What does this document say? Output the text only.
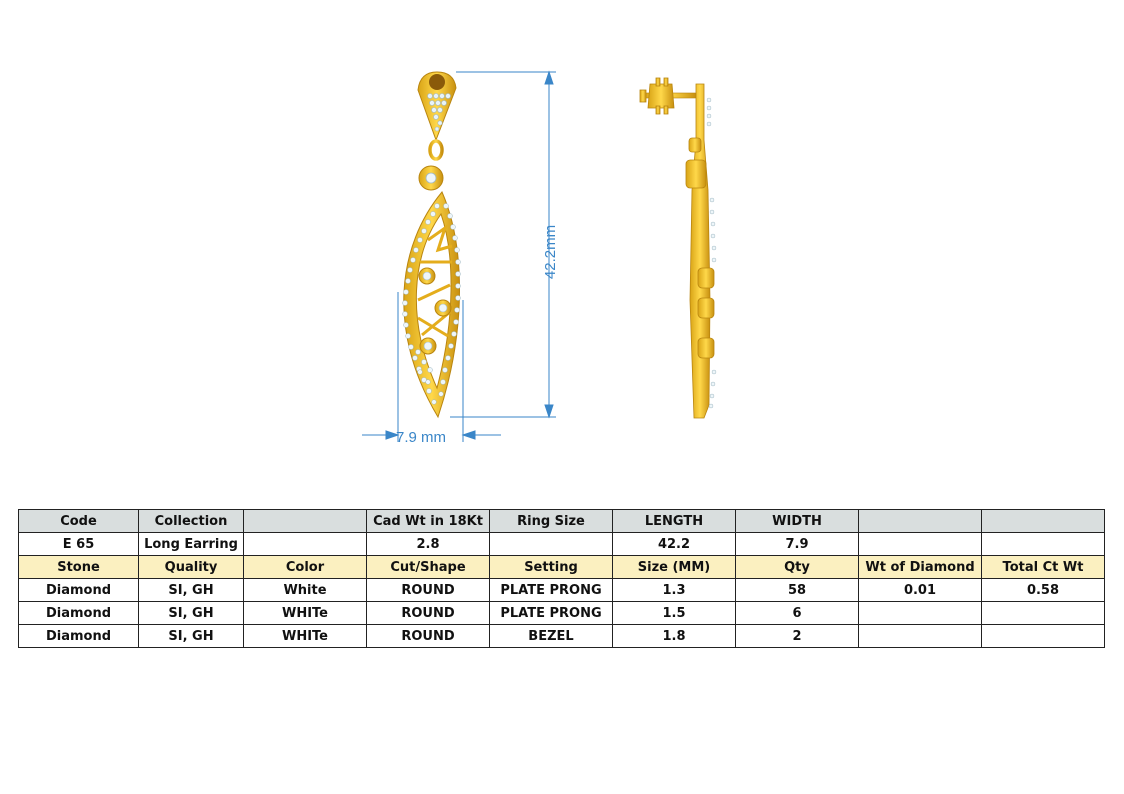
42.2mm
7.9 mm
Code	Collection		Cad Wt in 18Kt	Ring Size	LENGTH	WIDTH		
E 65	Long Earring		2.8		42.2	7.9		
Stone	Quality	Color	Cut/Shape	Setting	Size (MM)	Qty	Wt of Diamond	Total Ct Wt
Diamond	SI, GH	White	ROUND	PLATE PRONG	1.3	58	0.01	0.58
Diamond	SI, GH	WHITe	ROUND	PLATE PRONG	1.5	6		
Diamond	SI, GH	WHITe	ROUND	BEZEL	1.8	2		
